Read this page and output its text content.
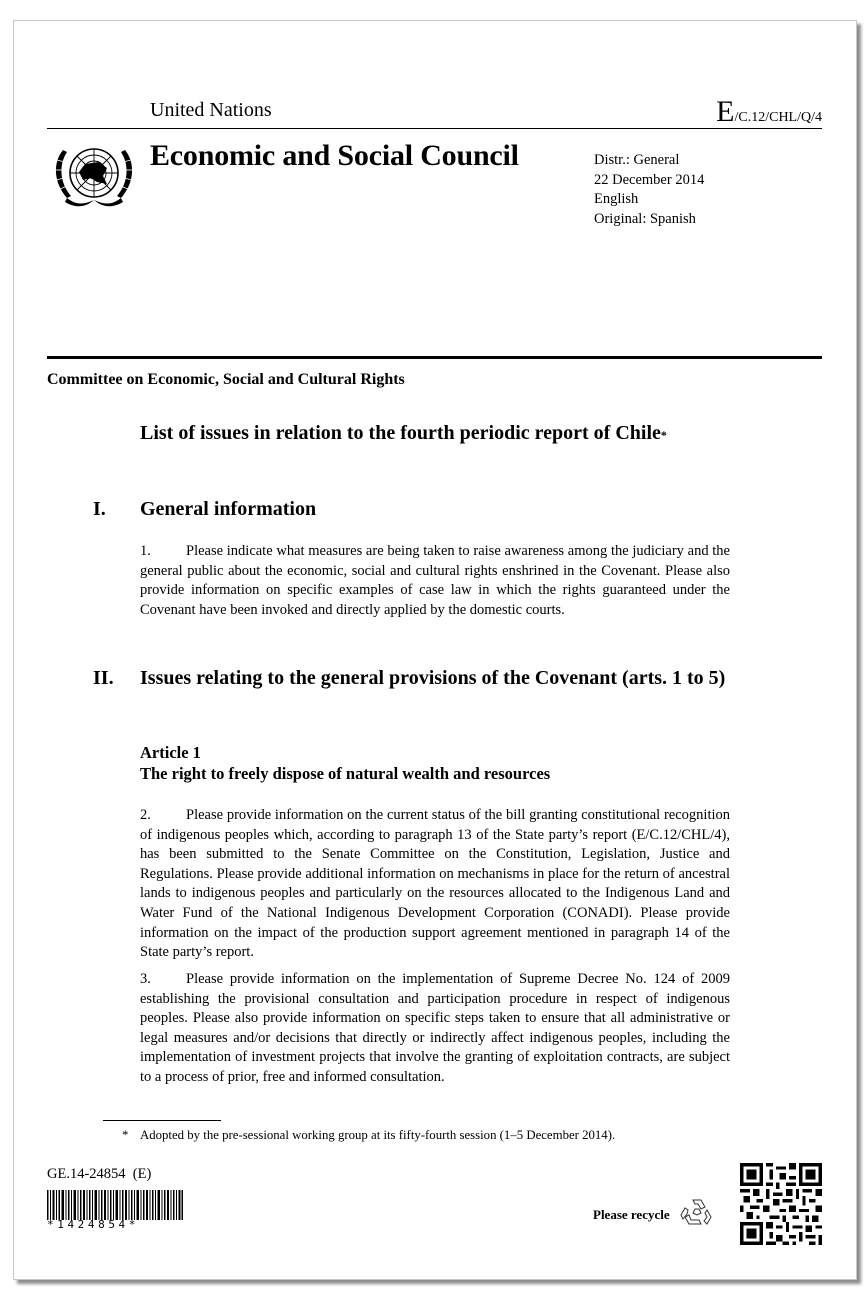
United Nations	E/C.12/CHL/Q/4
Economic and Social Council	Distr.: General
22 December 2014
English
Original: Spanish
Committee on Economic, Social and Cultural Rights
List of issues in relation to the fourth periodic report of Chile*
I.	General information
1. Please indicate what measures are being taken to raise awareness among the judiciary and the general public about the economic, social and cultural rights enshrined in the Covenant. Please also provide information on specific examples of case law in which the rights guaranteed under the Covenant have been invoked and directly applied by the domestic courts.
II.	Issues relating to the general provisions of the Covenant (arts. 1 to 5)
Article 1
The right to freely dispose of natural wealth and resources
2. Please provide information on the current status of the bill granting constitutional recognition of indigenous peoples which, according to paragraph 13 of the State party’s report (E/C.12/CHL/4), has been submitted to the Senate Committee on the Constitution, Legislation, Justice and Regulations. Please provide additional information on mechanisms in place for the return of ancestral lands to indigenous peoples and particularly on the resources allocated to the Indigenous Land and Water Fund of the National Indigenous Development Corporation (CONADI). Please provide information on the impact of the production support agreement mentioned in paragraph 14 of the State party’s report.
3. Please provide information on the implementation of Supreme Decree No. 124 of 2009 establishing the provisional consultation and participation procedure in respect of indigenous peoples. Please also provide information on specific steps taken to ensure that all administrative or legal measures and/or decisions that directly or indirectly affect indigenous peoples, including the implementation of investment projects that involve the granting of exploitation contracts, are subject to a process of prior, free and informed consultation.
* Adopted by the pre-sessional working group at its fifty-fourth session (1–5 December 2014).
GE.14-24854  (E)
*1424854*
Please recycle
